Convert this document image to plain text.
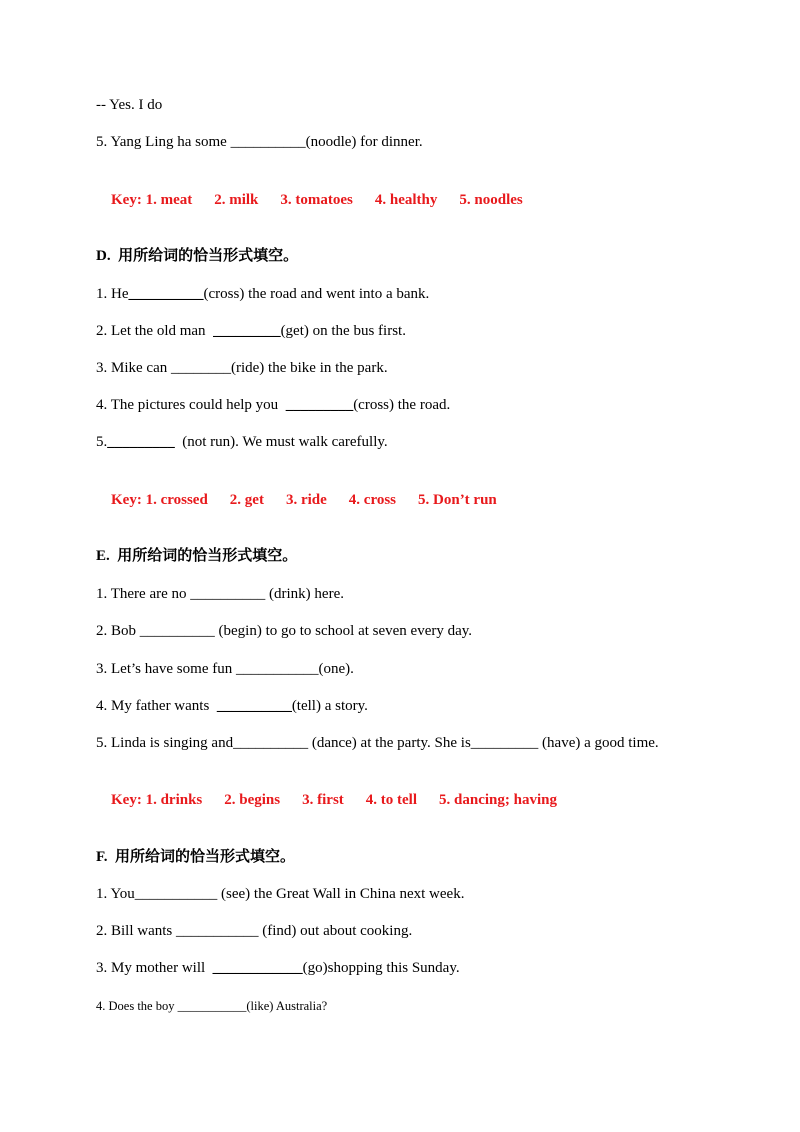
-- Yes. I do

5. Yang Ling ha some __________(noodle) for dinner.

Key: 1. meat 2. milk 3. tomatoes 4. healthy 5. noodles

D.  用所给词的恰当形式填空。

1. He__________(cross) the road and went into a bank.

2. Let the old man  _________(get) on the bus first.

3. Mike can ________(ride) the bike in the park.

4. The pictures could help you  _________(cross) the road.

5._________  (not run). We must walk carefully.

Key: 1. crossed 2. get 3. ride 4. cross 5. Don’t run

E.  用所给词的恰当形式填空。

1. There are no __________ (drink) here.

2. Bob __________ (begin) to go to school at seven every day.

3. Let’s have some fun ___________(one).

4. My father wants  __________(tell) a story.

5. Linda is singing and__________ (dance) at the party. She is_________ (have) a good time.

Key: 1. drinks 2. begins 3. first 4. to tell 5. dancing; having

F.  用所给词的恰当形式填空。

1. You___________ (see) the Great Wall in China next week.

2. Bill wants ___________ (find) out about cooking.

3. My mother will  ____________(go)shopping this Sunday.

4. Does the boy ___________(like) Australia?
